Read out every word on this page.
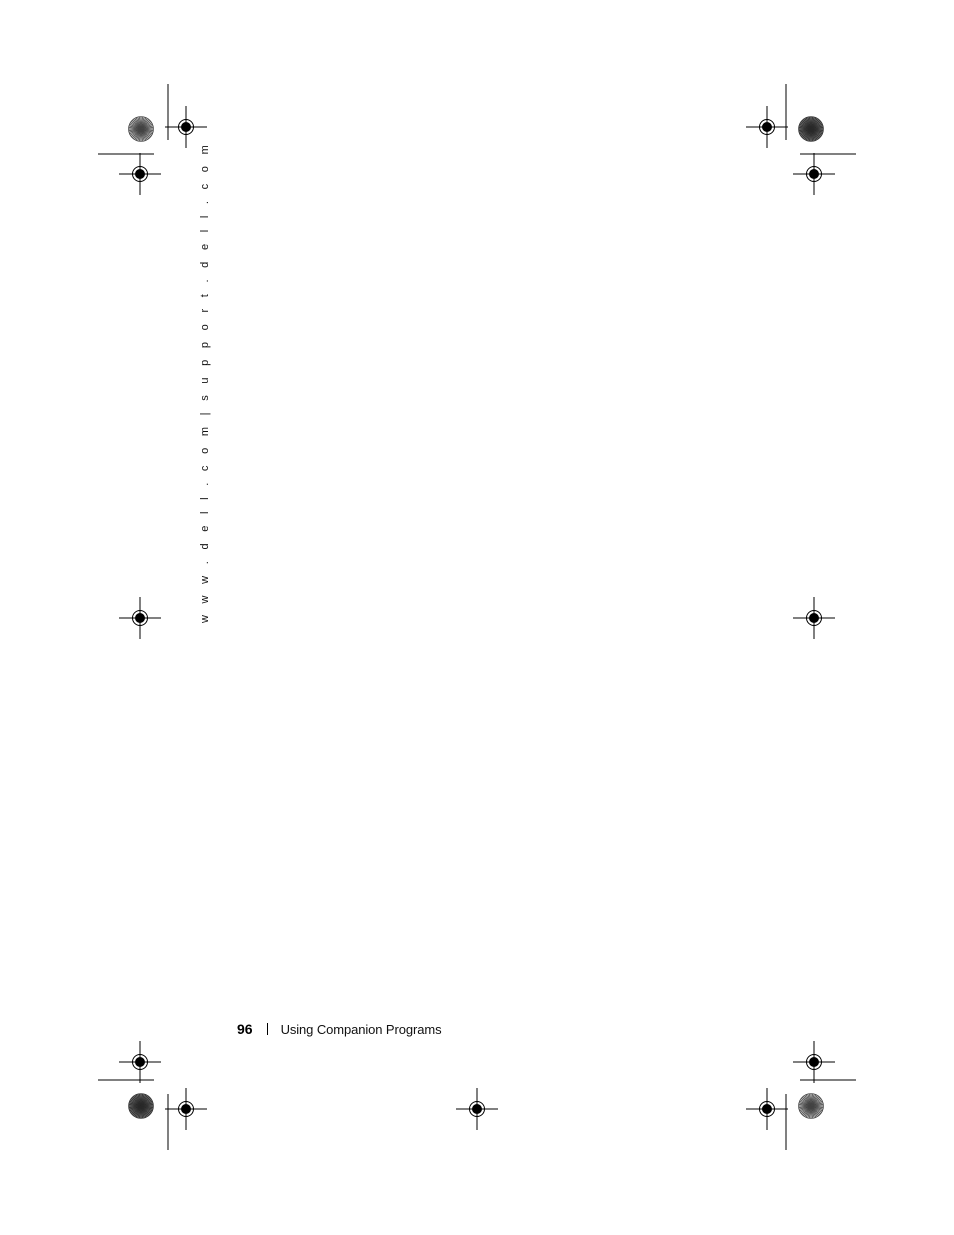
w w w . d e l l . c o m | s u p p o r t . d e l l . c o m
96 Using Companion Programs
